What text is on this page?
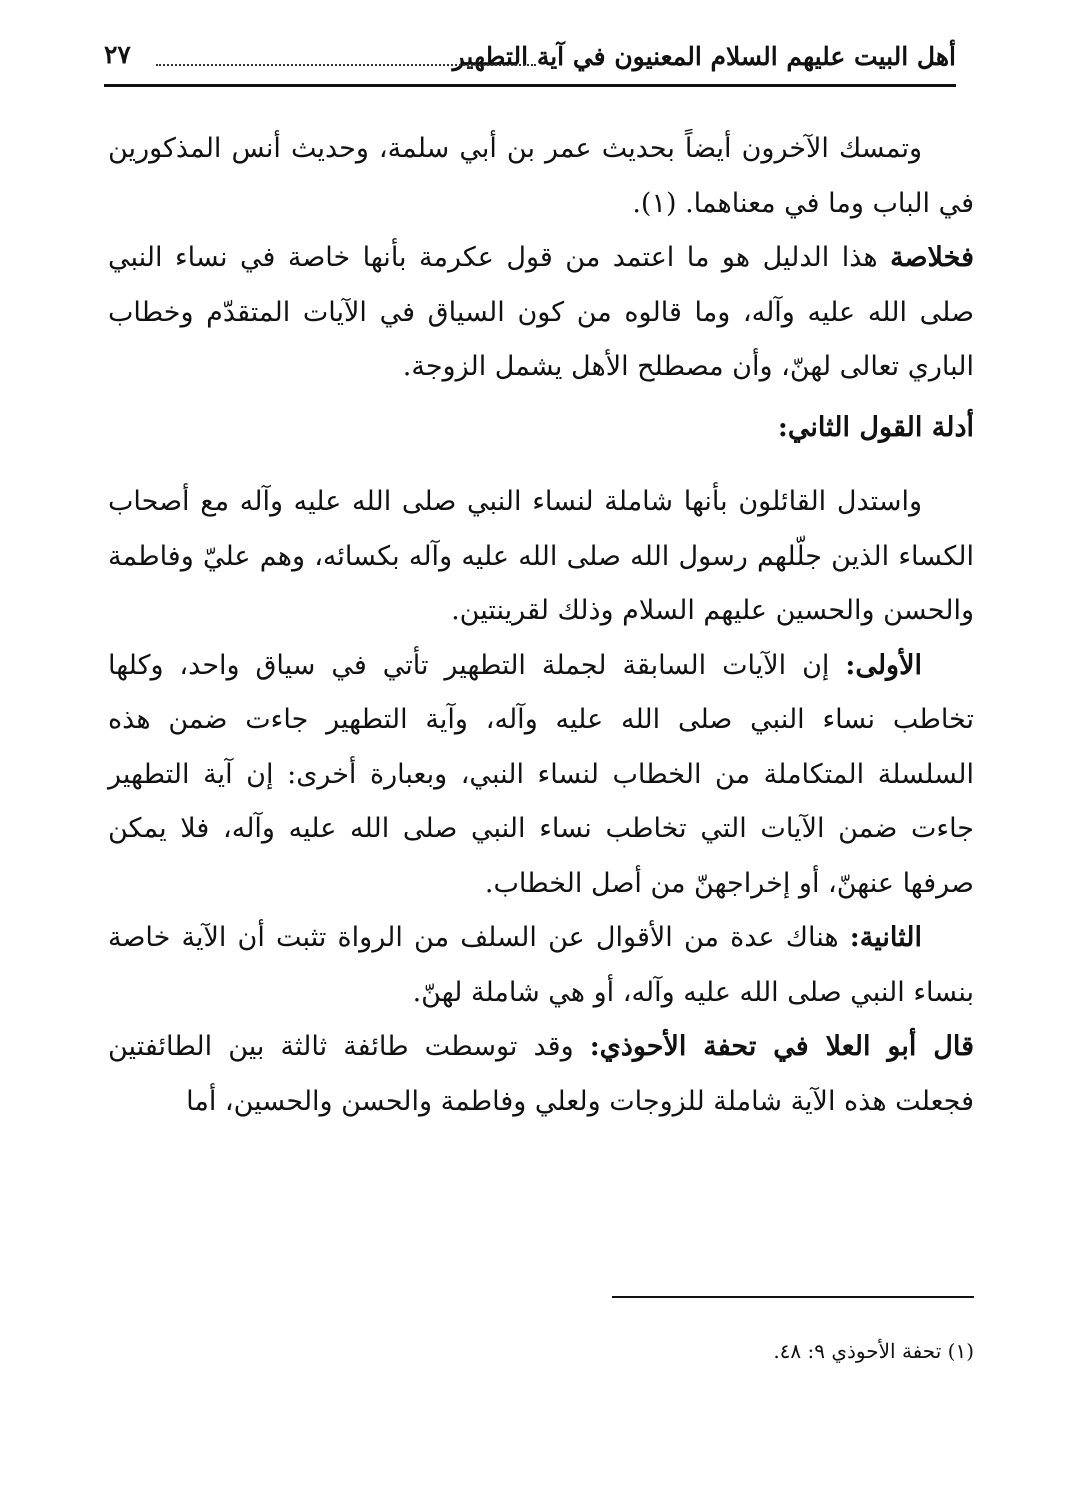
أهل البيت عليهم السلام المعنيون في آية التطهير
٢٧

وتمسك الآخرون أيضاً بحديث عمر بن أبي سلمة، وحديث أنس المذكورين في الباب وما في معناهما. (١).

فخلاصة هذا الدليل هو ما اعتمد من قول عكرمة بأنها خاصة في نساء النبي صلى الله عليه وآله، وما قالوه من كون السياق في الآيات المتقدّم وخطاب الباري تعالى لهنّ، وأن مصطلح الأهل يشمل الزوجة.

أدلة القول الثاني:

واستدل القائلون بأنها شاملة لنساء النبي صلى الله عليه وآله مع أصحاب الكساء الذين جلّلهم رسول الله صلى الله عليه وآله بكسائه، وهم عليّ وفاطمة والحسن والحسين عليهم السلام وذلك لقرينتين.

الأولى: إن الآيات السابقة لجملة التطهير تأتي في سياق واحد، وكلها تخاطب نساء النبي صلى الله عليه وآله، وآية التطهير جاءت ضمن هذه السلسلة المتكاملة من الخطاب لنساء النبي، وبعبارة أخرى: إن آية التطهير جاءت ضمن الآيات التي تخاطب نساء النبي صلى الله عليه وآله، فلا يمكن صرفها عنهنّ، أو إخراجهنّ من أصل الخطاب.

الثانية: هناك عدة من الأقوال عن السلف من الرواة تثبت أن الآية خاصة بنساء النبي صلى الله عليه وآله، أو هي شاملة لهنّ.

قال أبو العلا في تحفة الأحوذي: وقد توسطت طائفة ثالثة بين الطائفتين فجعلت هذه الآية شاملة للزوجات ولعلي وفاطمة والحسن والحسين، أما

(١) تحفة الأحوذي ٩: ٤٨.
